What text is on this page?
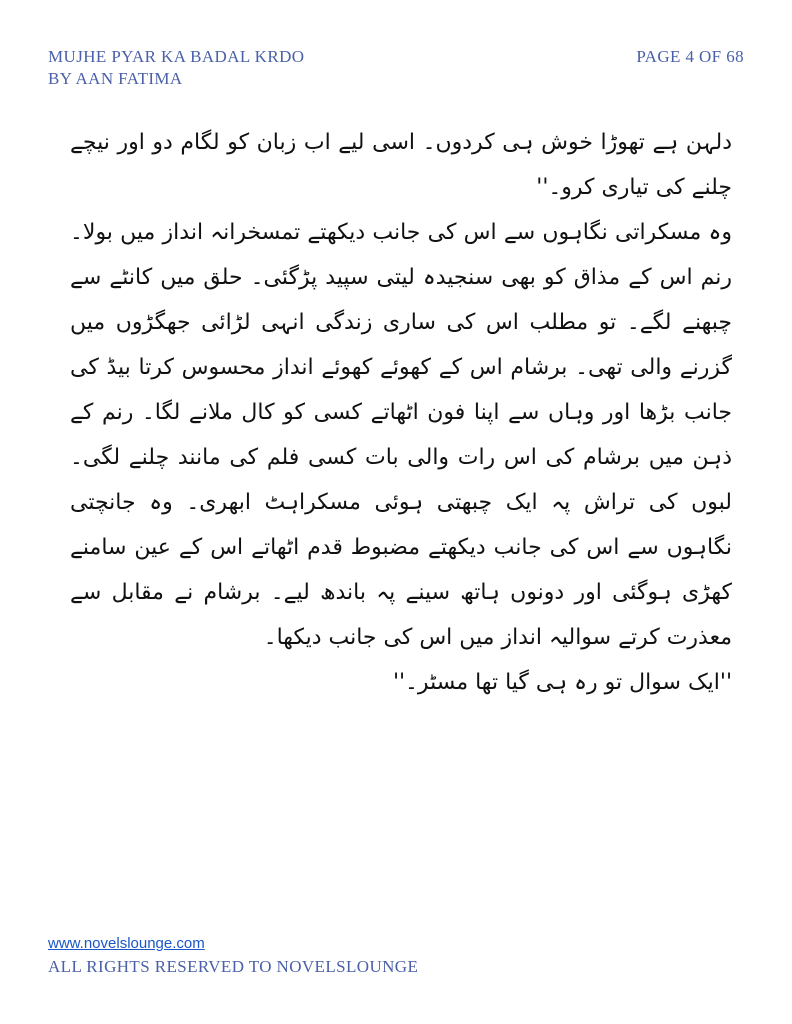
MUJHE PYAR KA BADAL KRDO
BY AAN FATIMA
PAGE 4 OF 68

دلہن ہے تھوڑا خوش ہی کردوں۔ اسی لیے اب زبان کو لگام دو اور نیچے چلنے کی تیاری کرو۔''

وہ مسکراتی نگاہوں سے اس کی جانب دیکھتے تمسخرانہ انداز میں بولا۔ رنم اس کے مذاق کو بھی سنجیدہ لیتی سپید پڑگئی۔ حلق میں کانٹے سے چبھنے لگے۔ تو مطلب اس کی ساری زندگی انہی لڑائی جھگڑوں میں گزرنے والی تھی۔ برشام اس کے کھوئے کھوئے انداز محسوس کرتا بیڈ کی جانب بڑھا اور وہاں سے اپنا فون اٹھاتے کسی کو کال ملانے لگا۔ رنم کے ذہن میں برشام کی اس رات والی بات کسی فلم کی مانند چلنے لگی۔ لبوں کی تراش پہ ایک چبھتی ہوئی مسکراہٹ ابھری۔ وہ جانچتی نگاہوں سے اس کی جانب دیکھتے مضبوط قدم اٹھاتے اس کے عین سامنے کھڑی ہوگئی اور دونوں ہاتھ سینے پہ باندھ لیے۔ برشام نے مقابل سے معذرت کرتے سوالیہ انداز میں اس کی جانب دیکھا۔

''ایک سوال تو رہ ہی گیا تھا مسٹر۔''

www.novelslounge.com
ALL RIGHTS RESERVED TO NOVELSLOUNGE
